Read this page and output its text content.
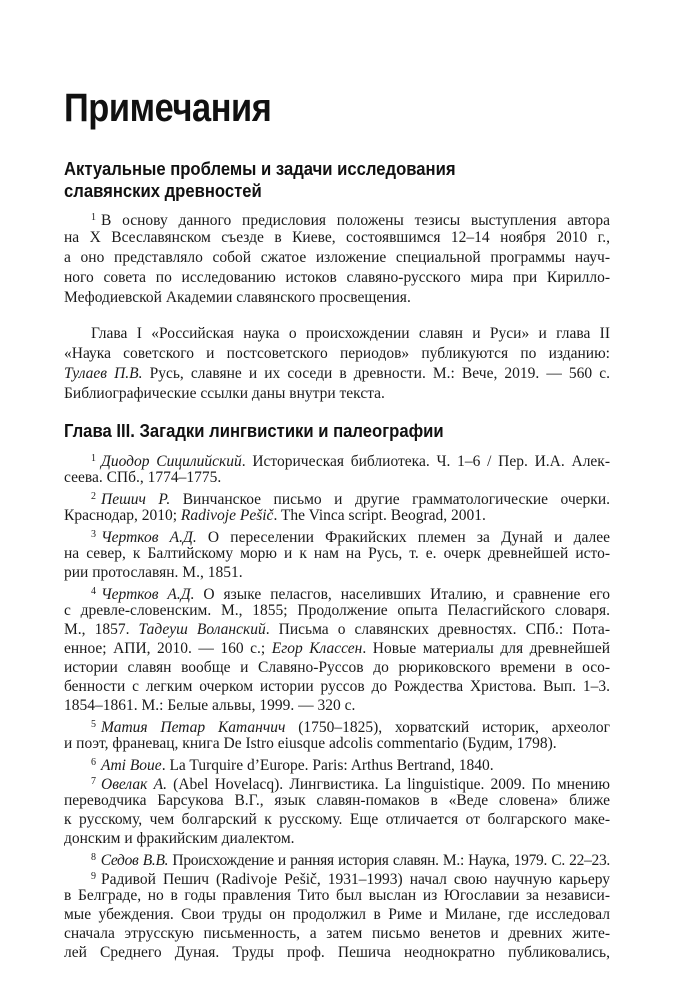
Примечания
Актуальные проблемы и задачи исследования
славянских древностей
$^1$ В основу данного предисловия положены тезисы выступления автора
на X Всеславянском съезде в Киеве, состоявшимся 12–14 ноября 2010 г.,
а оно представляло собой сжатое изложение специальной программы науч-
ного совета по исследованию истоков славяно-русского мира при Кирилло-
Мефодиевской Академии славянского просвещения.
Глава I «Российская наука о происхождении славян и Руси» и глава II
«Наука советского и постсоветского периодов» публикуются по изданию:
Тулаев П.В. Русь, славяне и их соседи в древности. М.: Вече, 2019. — 560 с.
Библиографические ссылки даны внутри текста.
Глава III. Загадки лингвистики и палеографии
$^1$ Диодор Сицилийский. Историческая библиотека. Ч. 1–6 / Пер. И.А. Алек-
сеева. СПб., 1774–1775.
$^2$ Пешич Р. Винчанское письмо и другие грамматологические очерки.
Краснодар, 2010; Radivoje Pešič. The Vinca script. Beograd, 2001.
$^3$ Чертков А.Д. О переселении Фракийских племен за Дунай и далее
на север, к Балтийскому морю и к нам на Русь, т. е. очерк древнейшей исто-
рии протославян. М., 1851.
$^4$ Чертков А.Д. О языке пеласгов, населивших Италию, и сравнение его
с древле-словенским. М., 1855; Продолжение опыта Пеласгийского словаря.
М., 1857. Тадеуш Воланский. Письма о славянских древностях. СПб.: Пота-
енное; АПИ, 2010. — 160 с.; Егор Классен. Новые материалы для древнейшей
истории славян вообще и Славяно-Руссов до рюриковского времени в осо-
бенности с легким очерком истории руссов до Рождества Христова. Вып. 1–3.
1854–1861. М.: Белые альвы, 1999. — 320 с.
$^5$ Матия Петар Катанчич (1750–1825), хорватский историк, археолог
и поэт, франевац, книга De Istro eiusque adcolis commentario (Будим, 1798).
$^6$ Ami Boue. La Turquire d’Europe. Paris: Arthus Bertrand, 1840.
$^7$ Овелак А. (Abel Hovelacq). Лингвистика. La linguistique. 2009. По мнению
переводчика Барсукова В.Г., язык славян-помаков в «Веде словена» ближе
к русскому, чем болгарский к русскому. Еще отличается от болгарского маке-
донским и фракийским диалектом.
$^8$ Седов В.В. Происхождение и ранняя история славян. М.: Наука, 1979. С. 22–23.
$^9$ Радивой Пешич (Radivoje Pešič, 1931–1993) начал свою научную карьеру
в Белграде, но в годы правления Тито был выслан из Югославии за независи-
мые убеждения. Свои труды он продолжил в Риме и Милане, где исследовал
сначала этрусскую письменность, а затем письмо венетов и древних жите-
лей Среднего Дуная. Труды проф. Пешича неоднократно публиковались,
